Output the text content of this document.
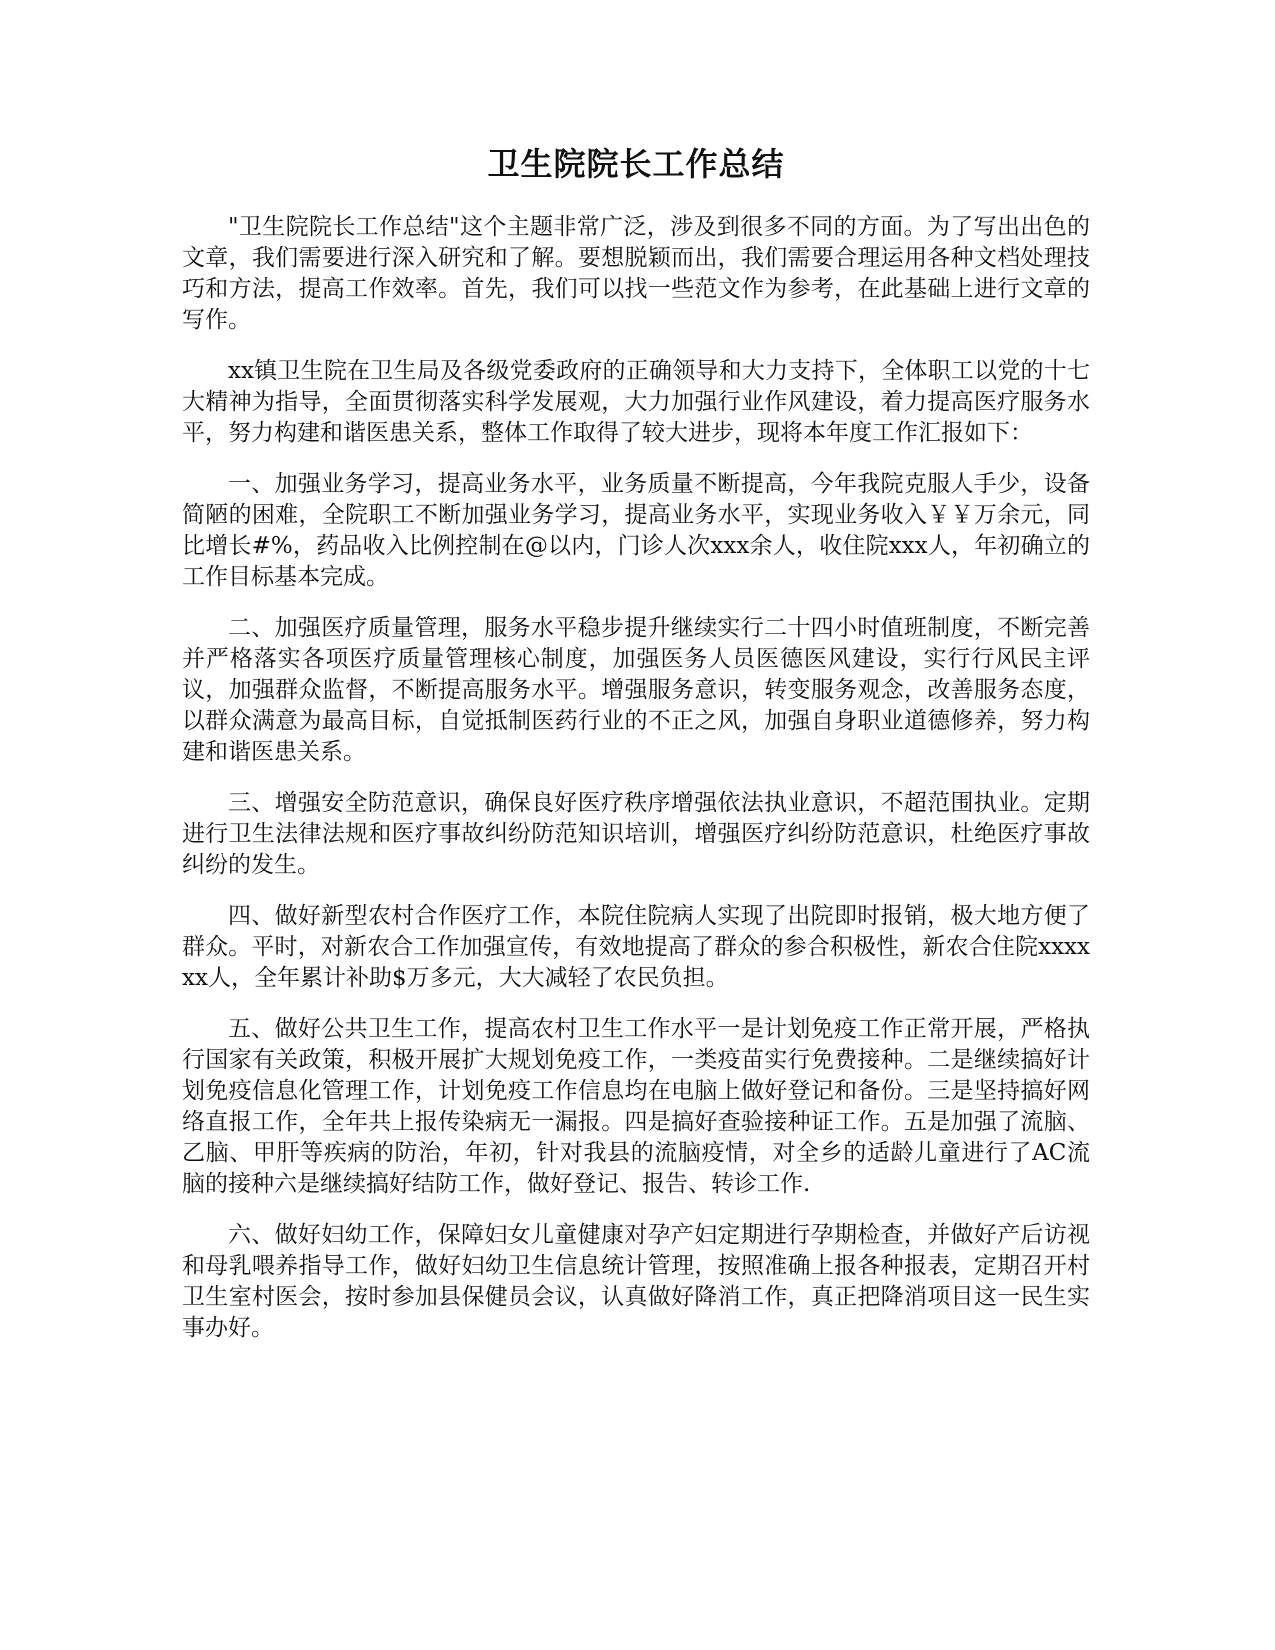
卫生院院长工作总结

"卫生院院长工作总结"这个主题非常广泛，涉及到很多不同的方面。为了写出出色的文章，我们需要进行深入研究和了解。要想脱颖而出，我们需要合理运用各种文档处理技巧和方法，提高工作效率。首先，我们可以找一些范文作为参考，在此基础上进行文章的写作。

xx镇卫生院在卫生局及各级党委政府的正确领导和大力支持下，全体职工以党的十七大精神为指导，全面贯彻落实科学发展观，大力加强行业作风建设，着力提高医疗服务水平，努力构建和谐医患关系，整体工作取得了较大进步，现将本年度工作汇报如下：

一、加强业务学习，提高业务水平，业务质量不断提高，今年我院克服人手少，设备简陋的困难，全院职工不断加强业务学习，提高业务水平，实现业务收入￥￥万余元，同比增长#%，药品收入比例控制在@以内，门诊人次xxx余人，收住院xxx人，年初确立的工作目标基本完成。

二、加强医疗质量管理，服务水平稳步提升继续实行二十四小时值班制度，不断完善并严格落实各项医疗质量管理核心制度，加强医务人员医德医风建设，实行行风民主评议，加强群众监督，不断提高服务水平。增强服务意识，转变服务观念，改善服务态度，以群众满意为最高目标，自觉抵制医药行业的不正之风，加强自身职业道德修养，努力构建和谐医患关系。

三、增强安全防范意识，确保良好医疗秩序增强依法执业意识，不超范围执业。定期进行卫生法律法规和医疗事故纠纷防范知识培训，增强医疗纠纷防范意识，杜绝医疗事故纠纷的发生。

四、做好新型农村合作医疗工作，本院住院病人实现了出院即时报销，极大地方便了群众。平时，对新农合工作加强宣传，有效地提高了群众的参合积极性，新农合住院xxxxxx人，全年累计补助$万多元，大大减轻了农民负担。

五、做好公共卫生工作，提高农村卫生工作水平一是计划免疫工作正常开展，严格执行国家有关政策，积极开展扩大规划免疫工作，一类疫苗实行免费接种。二是继续搞好计划免疫信息化管理工作，计划免疫工作信息均在电脑上做好登记和备份。三是坚持搞好网络直报工作，全年共上报传染病无一漏报。四是搞好查验接种证工作。五是加强了流脑、乙脑、甲肝等疾病的防治，年初，针对我县的流脑疫情，对全乡的适龄儿童进行了AC流脑的接种六是继续搞好结防工作，做好登记、报告、转诊工作.

六、做好妇幼工作，保障妇女儿童健康对孕产妇定期进行孕期检查，并做好产后访视和母乳喂养指导工作，做好妇幼卫生信息统计管理，按照准确上报各种报表，定期召开村卫生室村医会，按时参加县保健员会议，认真做好降消工作，真正把降消项目这一民生实事办好。
